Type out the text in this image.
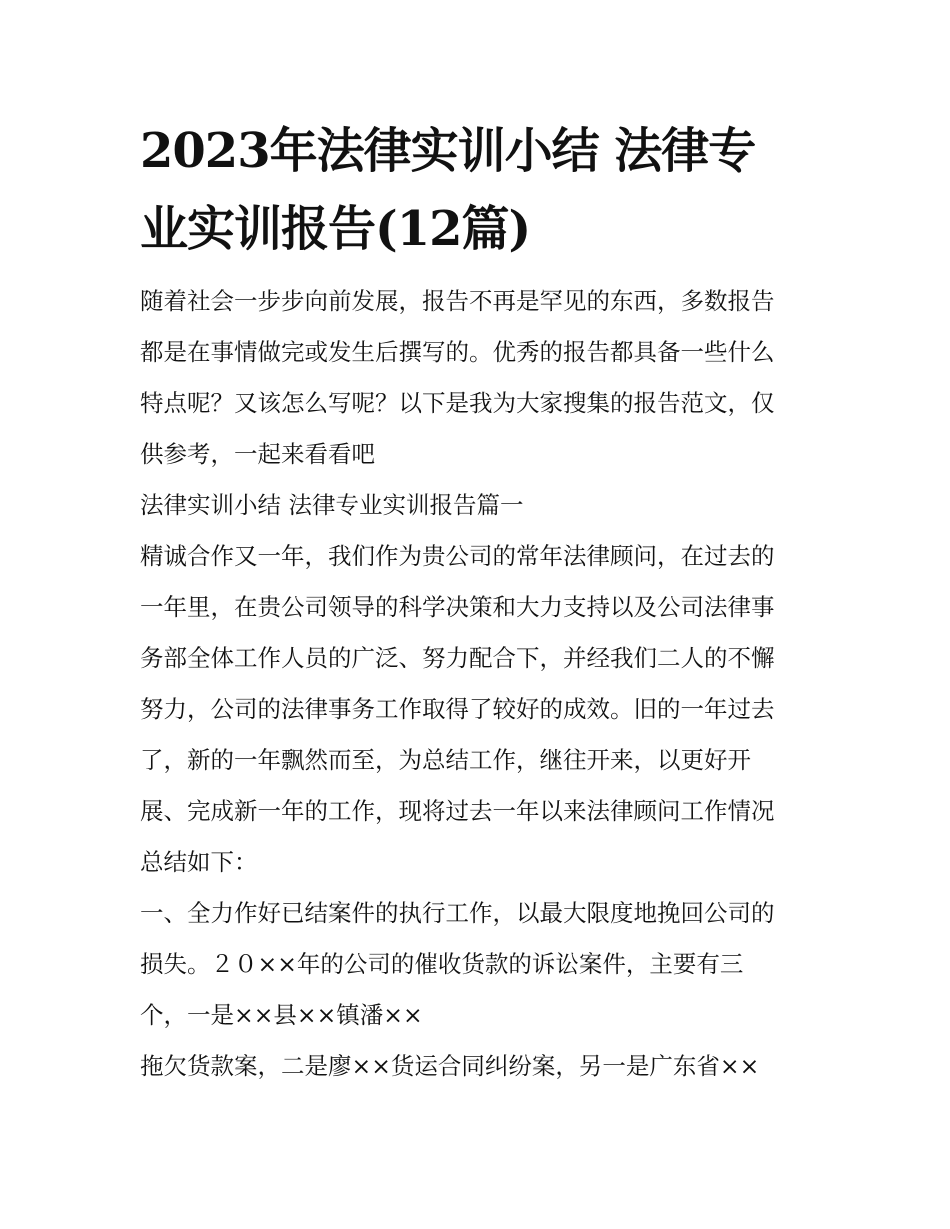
2023年法律实训小结 法律专
业实训报告(12篇)

随着社会一步步向前发展，报告不再是罕见的东西，多数报告

都是在事情做完或发生后撰写的。优秀的报告都具备一些什么

特点呢？又该怎么写呢？以下是我为大家搜集的报告范文，仅

供参考，一起来看看吧

法律实训小结 法律专业实训报告篇一

精诚合作又一年，我们作为贵公司的常年法律顾问，在过去的

一年里，在贵公司领导的科学决策和大力支持以及公司法律事

务部全体工作人员的广泛、努力配合下，并经我们二人的不懈

努力，公司的法律事务工作取得了较好的成效。旧的一年过去

了，新的一年飘然而至，为总结工作，继往开来，以更好开

展、完成新一年的工作，现将过去一年以来法律顾问工作情况

总结如下：

一、全力作好已结案件的执行工作，以最大限度地挽回公司的

损失。２０××年的公司的催收货款的诉讼案件，主要有三

个，一是××县××镇潘××

拖欠货款案，二是廖××货运合同纠纷案，另一是广东省××
